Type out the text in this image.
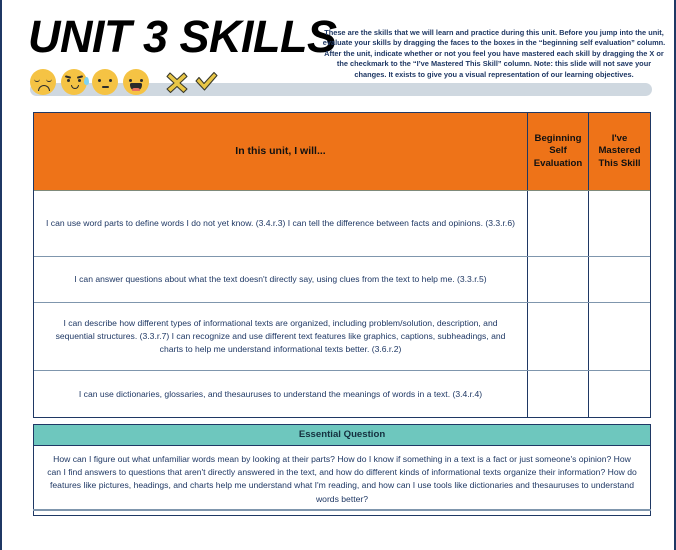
UNIT 3 SKILLS
These are the skills that we will learn and practice during this unit. Before you jump into the unit, evaluate your skills by dragging the faces to the boxes in the “beginning self evaluation” column. After the unit, indicate whether or not you feel you have mastered each skill by dragging the X or the checkmark to the “I’ve Mastered This Skill” column. Note: this slide will not save your changes. It exists to give you a visual representation of our learning objectives.
In this unit, I will...
Beginning Self Evaluation
I've Mastered This Skill
I can use word parts to define words I do not yet know. (3.4.r.3) I can tell the difference between facts and opinions. (3.3.r.6)
I can answer questions about what the text doesn't directly say, using clues from the text to help me. (3.3.r.5)
I can describe how different types of informational texts are organized, including problem/solution, description, and sequential structures. (3.3.r.7) I can recognize and use different text features like graphics, captions, subheadings, and charts to help me understand informational texts better. (3.6.r.2)
I can use dictionaries, glossaries, and thesauruses to understand the meanings of words in a text. (3.4.r.4)
Essential Question
How can I figure out what unfamiliar words mean by looking at their parts? How do I know if something in a text is a fact or just someone's opinion? How can I find answers to questions that aren't directly answered in the text, and how do different kinds of informational texts organize their information? How do features like pictures, headings, and charts help me understand what I'm reading, and how can I use tools like dictionaries and thesauruses to understand words better?
